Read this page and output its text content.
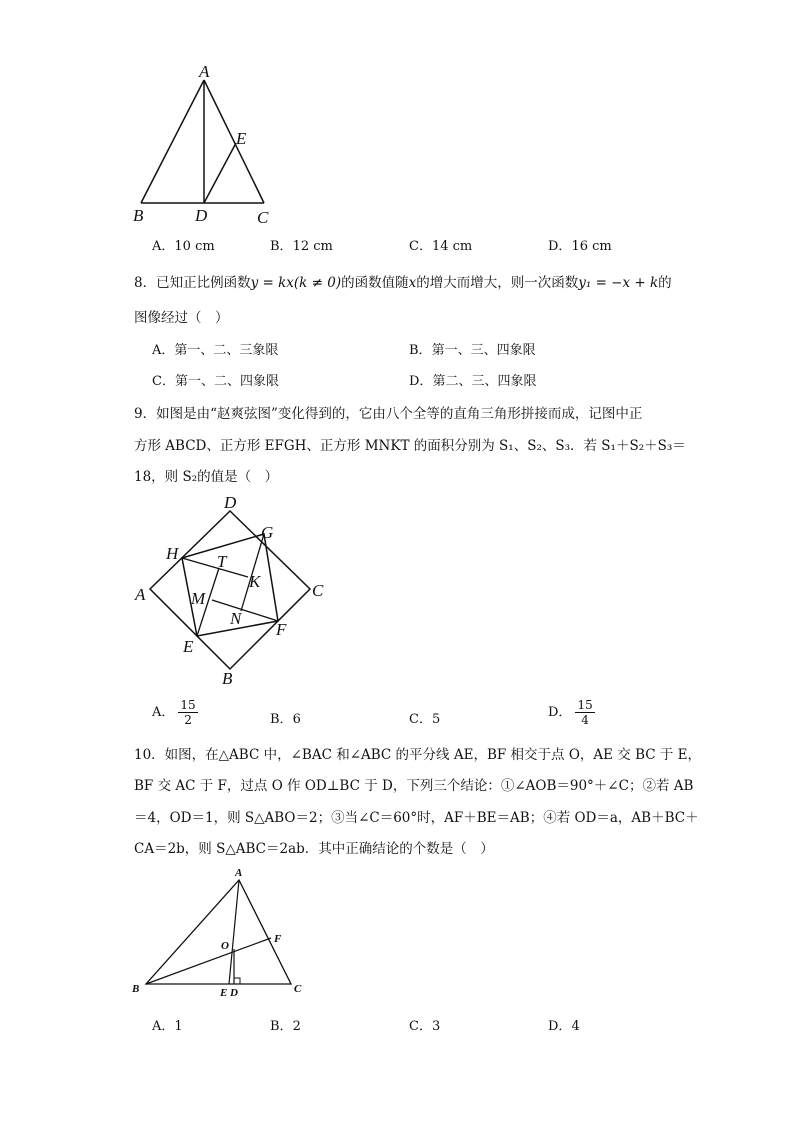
A
E
B	D	C
A．10 cm	B．12 cm	C．14 cm	D．16 cm
8．已知正比例函数y = kx(k ≠ 0)的函数值随x的增大而增大，则一次函数y₁ = −x + k的
图像经过（　）
A．第一、二、三象限	B．第一、三、四象限
C．第一、二、四象限	D．第二、三、四象限
9．如图是由“赵爽弦图”变化得到的，它由八个全等的直角三角形拼接而成，记图中正
方形 ABCD、正方形 EFGH、正方形 MNKT 的面积分别为 S₁、S₂、S₃．若 S₁＋S₂＋S₃＝
18，则 S₂的值是（　）
D
G
H T
K
A	C
M
N
F
E
B
A． $\frac{15}{2}$	B．6	C．5	D． $\frac{15}{4}$
10．如图，在△ABC 中，∠BAC 和∠ABC 的平分线 AE，BF 相交于点 O，AE 交 BC 于 E，
BF 交 AC 于 F，过点 O 作 OD⊥BC 于 D，下列三个结论：①∠AOB＝90°＋∠C；②若 AB
＝4，OD＝1，则 S△ABO＝2；③当∠C＝60°时，AF＋BE＝AB；④若 OD＝a，AB＋BC＋
CA＝2b，则 S△ABC＝2ab．其中正确结论的个数是（　）
A
F
O
B	E D	C
A．1	B．2	C．3	D．4
